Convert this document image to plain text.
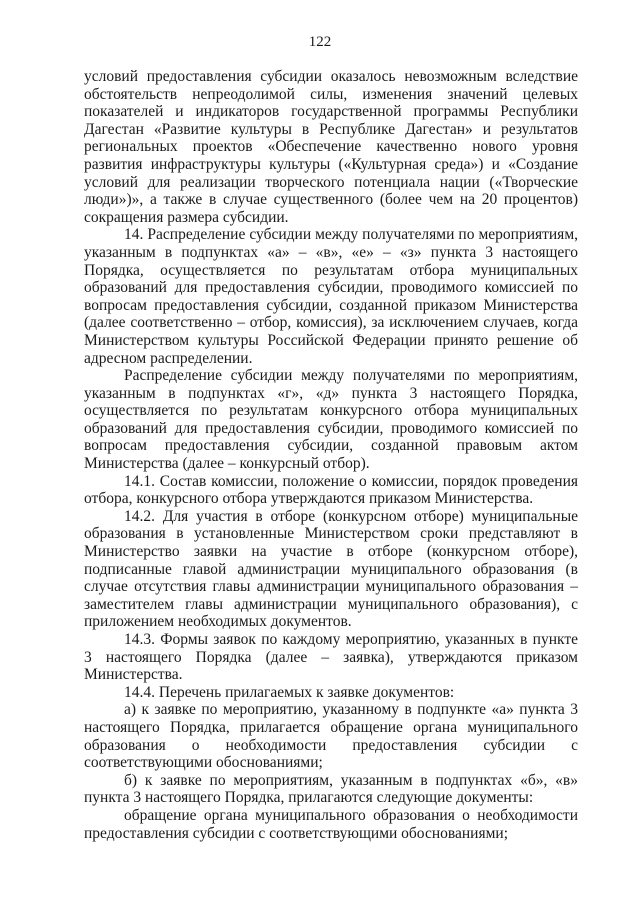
122

условий предоставления субсидии оказалось невозможным вследствие обстоятельств непреодолимой силы, изменения значений целевых показателей и индикаторов государственной программы Республики Дагестан «Развитие культуры в Республике Дагестан» и результатов региональных проектов «Обеспечение качественно нового уровня развития инфраструктуры культуры («Культурная среда») и «Создание условий для реализации творческого потенциала нации («Творческие люди»)», а также в случае существенного (более чем на 20 процентов) сокращения размера субсидии.

14. Распределение субсидии между получателями по мероприятиям, указанным в подпунктах «а» – «в», «е» – «з» пункта 3 настоящего Порядка, осуществляется по результатам отбора муниципальных образований для предоставления субсидии, проводимого комиссией по вопросам предоставления субсидии, созданной приказом Министерства (далее соответственно – отбор, комиссия), за исключением случаев, когда Министерством культуры Российской Федерации принято решение об адресном распределении.

Распределение субсидии между получателями по мероприятиям, указанным в подпунктах «г», «д» пункта 3 настоящего Порядка, осуществляется по результатам конкурсного отбора муниципальных образований для предоставления субсидии, проводимого комиссией по вопросам предоставления субсидии, созданной правовым актом Министерства (далее – конкурсный отбор).

14.1. Состав комиссии, положение о комиссии, порядок проведения отбора, конкурсного отбора утверждаются приказом Министерства.

14.2. Для участия в отборе (конкурсном отборе) муниципальные образования в установленные Министерством сроки представляют в Министерство заявки на участие в отборе (конкурсном отборе), подписанные главой администрации муниципального образования (в случае отсутствия главы администрации муниципального образования – заместителем главы администрации муниципального образования), с приложением необходимых документов.

14.3. Формы заявок по каждому мероприятию, указанных в пункте 3 настоящего Порядка (далее – заявка), утверждаются приказом Министерства.

14.4. Перечень прилагаемых к заявке документов:

а) к заявке по мероприятию, указанному в подпункте «а» пункта 3 настоящего Порядка, прилагается обращение органа муниципального образования о необходимости предоставления субсидии с соответствующими обоснованиями;

б) к заявке по мероприятиям, указанным в подпунктах «б», «в» пункта 3 настоящего Порядка, прилагаются следующие документы:

обращение органа муниципального образования о необходимости предоставления субсидии с соответствующими обоснованиями;
